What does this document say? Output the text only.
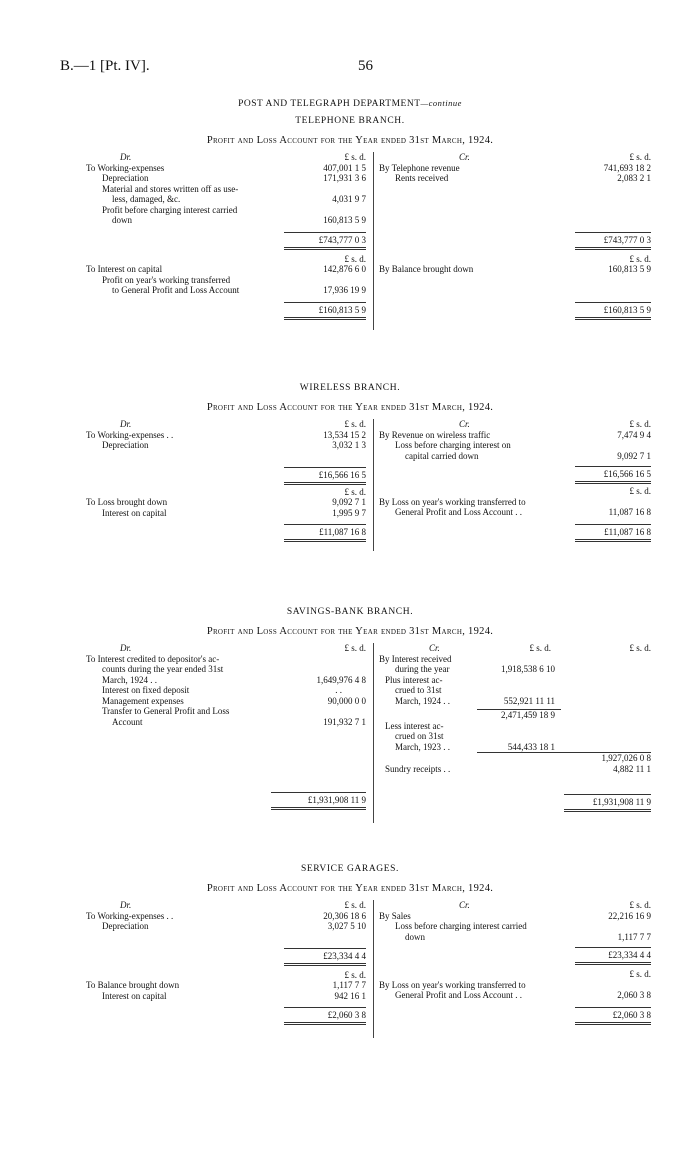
B.—1 [Pt. IV].	56
POST AND TELEGRAPH DEPARTMENT—continue
TELEPHONE BRANCH.
Profit and Loss Account for the Year ended 31st March, 1924.
Dr.	£ s. d.
To Working-expenses	407,001 1 5
Depreciation	171,931 3 6
Material and stores written off as use-
less, damaged, &c.	4,031 9 7
Profit before charging interest carried
down	160,813 5 9
£743,777 0 3
£ s. d.
To Interest on capital	142,876 6 0
Profit on year's working transferred
to General Profit and Loss Account	17,936 19 9
£160,813 5 9
Cr.	£ s. d.
By Telephone revenue	741,693 18 2
Rents received	2,083 2 1
£743,777 0 3
£ s. d.
By Balance brought down	160,813 5 9
£160,813 5 9
WIRELESS BRANCH.
Profit and Loss Account for the Year ended 31st March, 1924.
Dr.	£ s. d.
To Working-expenses . .	13,534 15 2
Depreciation	3,032 1 3
£16,566 16 5
£ s. d.
To Loss brought down	9,092 7 1
Interest on capital	1,995 9 7
£11,087 16 8
Cr.	£ s. d.
By Revenue on wireless traffic	7,474 9 4
Loss before charging interest on
capital carried down	9,092 7 1
£16,566 16 5
£ s. d.
By Loss on year's working transferred to
General Profit and Loss Account . .	11,087 16 8
£11,087 16 8
SAVINGS-BANK BRANCH.
Profit and Loss Account for the Year ended 31st March, 1924.
Dr.	£ s. d.
To Interest credited to depositor's ac-
counts during the year ended 31st
March, 1924 . .	1,649,976 4 8
Interest on fixed deposit	. .
Management expenses	90,000 0 0
Transfer to General Profit and Loss
Account	191,932 7 1
£1,931,908 11 9
Cr.	£ s. d.	£ s. d.
By Interest received
during the year	1,918,538 6 10
Plus interest ac-
crued to 31st
March, 1924 . .	552,921 11 11
2,471,459 18 9
Less interest ac-
crued on 31st
March, 1923 . .	544,433 18 1
1,927,026 0 8
Sundry receipts . .	4,882 11 1
£1,931,908 11 9
SERVICE GARAGES.
Profit and Loss Account for the Year ended 31st March, 1924.
Dr.	£ s. d.
To Working-expenses . .	20,306 18 6
Depreciation	3,027 5 10
£23,334 4 4
£ s. d.
To Balance brought down	1,117 7 7
Interest on capital	942 16 1
£2,060 3 8
Cr.	£ s. d.
By Sales	22,216 16 9
Loss before charging interest carried
down	1,117 7 7
£23,334 4 4
£ s. d.
By Loss on year's working transferred to
General Profit and Loss Account . .	2,060 3 8
£2,060 3 8
